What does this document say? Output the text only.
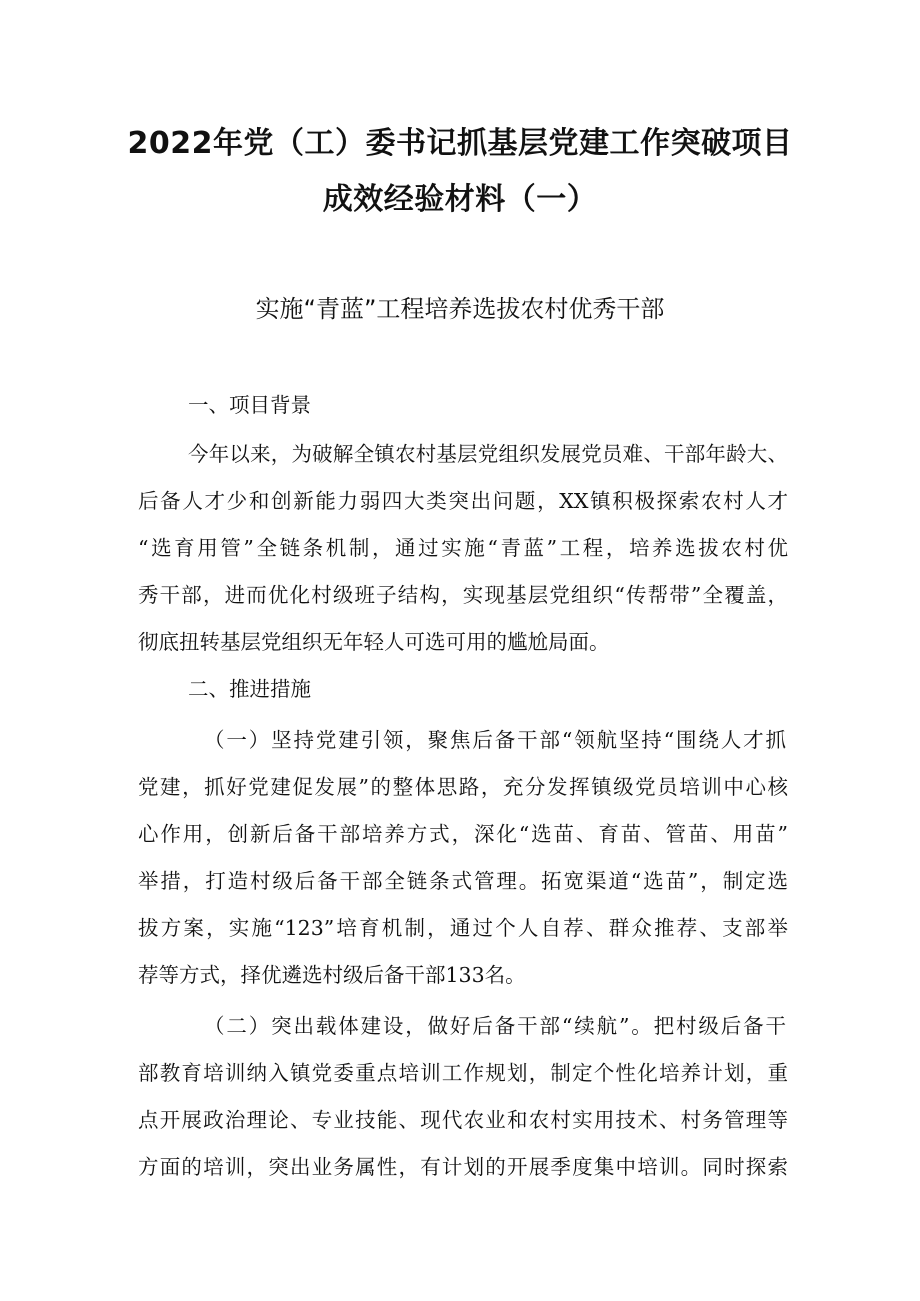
2022年党（工）委书记抓基层党建工作突破项目
成效经验材料（一）
实施“青蓝”工程培养选拔农村优秀干部
一、项目背景
今年以来，为破解全镇农村基层党组织发展党员难、干部年龄大、
后备人才少和创新能力弱四大类突出问题，XX镇积极探索农村人才
“选育用管”全链条机制，通过实施“青蓝”工程，培养选拔农村优
秀干部，进而优化村级班子结构，实现基层党组织“传帮带”全覆盖，
彻底扭转基层党组织无年轻人可选可用的尴尬局面。
二、推进措施
（一）坚持党建引领，聚焦后备干部“领航坚持“围绕人才抓
党建，抓好党建促发展”的整体思路，充分发挥镇级党员培训中心核
心作用，创新后备干部培养方式，深化“选苗、育苗、管苗、用苗”
举措，打造村级后备干部全链条式管理。拓宽渠道“选苗”，制定选
拔方案，实施“123”培育机制，通过个人自荐、群众推荐、支部举
荐等方式，择优遴选村级后备干部133名。
（二）突出载体建设，做好后备干部“续航”。把村级后备干
部教育培训纳入镇党委重点培训工作规划，制定个性化培养计划，重
点开展政治理论、专业技能、现代农业和农村实用技术、村务管理等
方面的培训，突出业务属性，有计划的开展季度集中培训。同时探索
